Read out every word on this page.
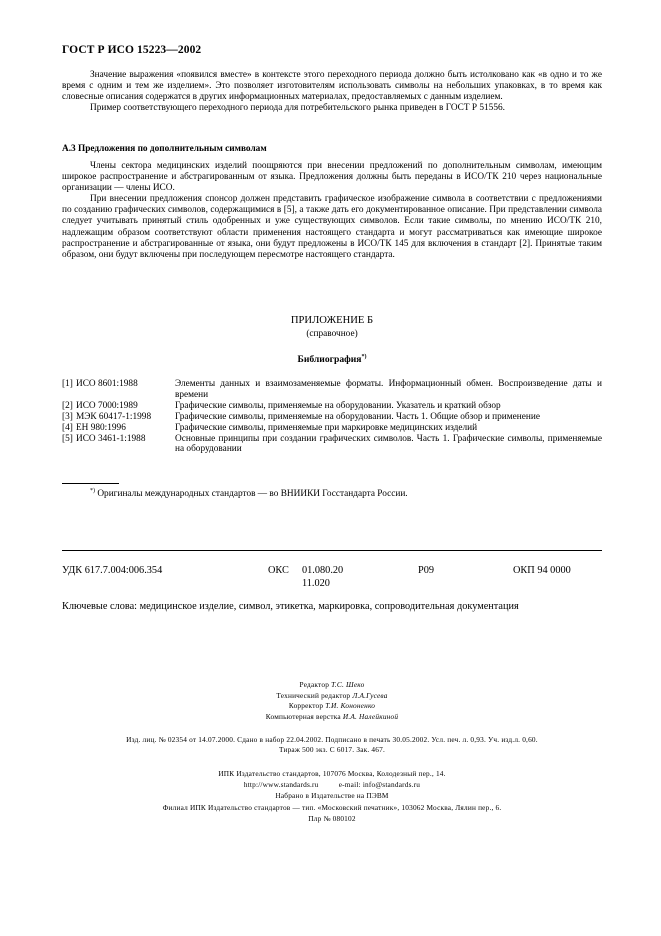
ГОСТ Р ИСО 15223—2002

Значение выражения «появился вместе» в контексте этого переходного периода должно быть истолковано как «в одно и то же время с одним и тем же изделием». Это позволяет изготовителям использовать символы на небольших упаковках, в то время как словесные описания содержатся в других информационных материалах, предоставляемых с данным изделием.

Пример соответствующего переходного периода для потребительского рынка приведен в ГОСТ Р 51556.

А.3 Предложения по дополнительным символам

Члены сектора медицинских изделий поощряются при внесении предложений по дополнительным символам, имеющим широкое распространение и абстрагированным от языка. Предложения должны быть переданы в ИСО/ТК 210 через национальные организации — члены ИСО.

При внесении предложения спонсор должен представить графическое изображение символа в соответствии с предложениями по созданию графических символов, содержащимися в [5], а также дать его документированное описание. При представлении символа следует учитывать принятый стиль одобренных и уже существующих символов. Если такие символы, по мнению ИСО/ТК 210, надлежащим образом соответствуют области применения настоящего стандарта и могут рассматриваться как имеющие широкое распространение и абстрагированные от языка, они будут предложены в ИСО/ТК 145 для включения в стандарт [2]. Принятые таким образом, они будут включены при последующем пересмотре настоящего стандарта.

ПРИЛОЖЕНИЕ Б
(справочное)
Библиография*)
[1] ИСО 8601:1988	Элементы данных и взаимозаменяемые форматы. Информационный обмен. Воспроизведение даты и времени
[2] ИСО 7000:1989	Графические символы, применяемые на оборудовании. Указатель и краткий обзор
[3] МЭК 60417-1:1998	Графические символы, применяемые на оборудовании. Часть 1. Общие обзор и применение
[4] ЕН 980:1996	Графические символы, применяемые при маркировке медицинских изделий
[5] ИСО 3461-1:1988	Основные принципы при создании графических символов. Часть 1. Графические символы, применяемые на оборудовании
*) Оригиналы международных стандартов — во ВНИИКИ Госстандарта России.
УДК 617.7.004:006.354	ОКС 01.080.20
11.020
Р09	ОКП 94 0000
Ключевые слова: медицинское изделие, символ, этикетка, маркировка, сопроводительная документация
Редактор Т.С. Шеко
Технический редактор Л.А.Гусева
Корректор Т.И. Кононенко
Компьютерная верстка И.А. Налейкиной
Изд. лиц. № 02354 от 14.07.2000. Сдано в набор 22.04.2002. Подписано в печать 30.05.2002. Усл. печ. л. 0,93. Уч. изд.л. 0,60.
Тираж 500 экз. С 6017. Зак. 467.
ИПК Издательство стандартов, 107076 Москва, Колодезный пер., 14.
http://www.standards.ru          e-mail: info@standards.ru
Набрано в Издательстве на ПЭВМ
Филиал ИПК Издательство стандартов — тип. «Московский печатник», 103062 Москва, Лялин пер., 6.
Плр № 080102
